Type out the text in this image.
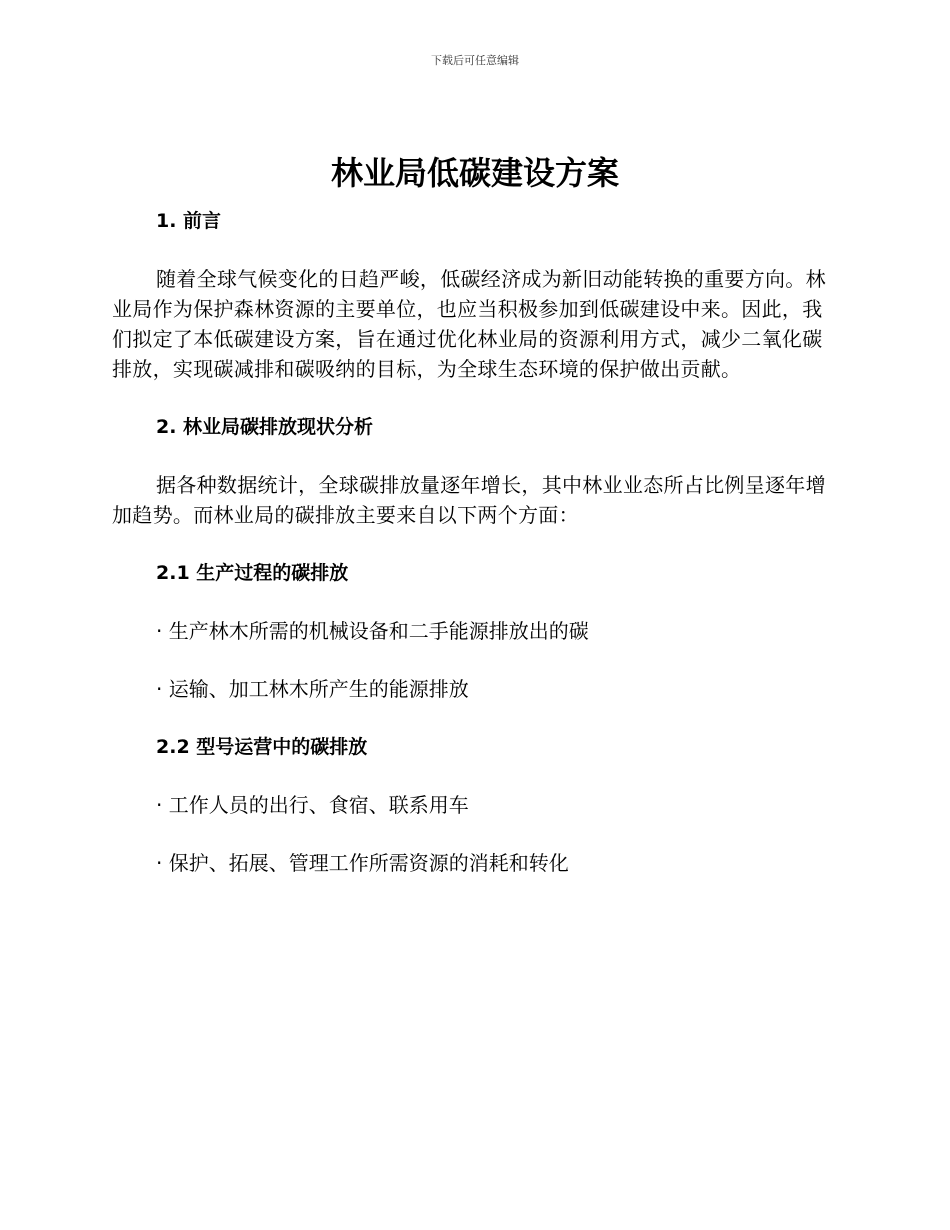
下载后可任意编辑
林业局低碳建设方案
1. 前言

随着全球气候变化的日趋严峻，低碳经济成为新旧动能转换的重要方向。林业局作为保护森林资源的主要单位，也应当积极参加到低碳建设中来。因此，我们拟定了本低碳建设方案，旨在通过优化林业局的资源利用方式，减少二氧化碳排放，实现碳减排和碳吸纳的目标，为全球生态环境的保护做出贡献。

2. 林业局碳排放现状分析

据各种数据统计，全球碳排放量逐年增长，其中林业业态所占比例呈逐年增加趋势。而林业局的碳排放主要来自以下两个方面：

2.1 生产过程的碳排放
· 生产林木所需的机械设备和二手能源排放出的碳
· 运输、加工林木所产生的能源排放
2.2 型号运营中的碳排放
· 工作人员的出行、食宿、联系用车
· 保护、拓展、管理工作所需资源的消耗和转化
